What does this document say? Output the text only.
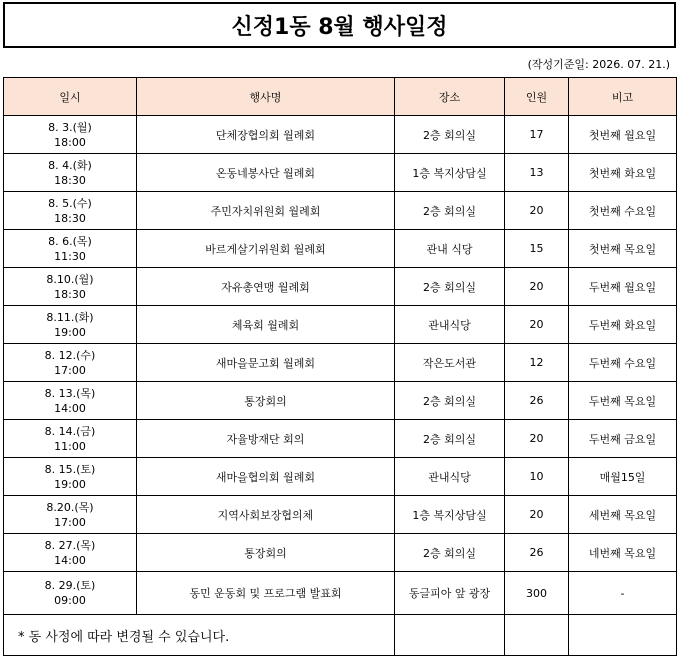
신정1동 8월 행사일정
(작성기준일: 2026. 07. 21.)
일시	행사명	장소	인원	비고

8. 3.(월)
18:00	단체장협의회 월례회	2층 회의실	17	첫번째 월요일

8. 4.(화)
18:30	온동네봉사단 월례회	1층 복지상담실	13	첫번째 화요일

8. 5.(수)
18:30	주민자치위원회 월례회	2층 회의실	20	첫번째 수요일

8. 6.(목)
11:30	바르게살기위원회 월례회	관내 식당	15	첫번째 목요일

8.10.(월)
18:30	자유총연맹 월례회	2층 회의실	20	두번째 월요일

8.11.(화)
19:00	체육회 월례회	관내식당	20	두번째 화요일

8. 12.(수)
17:00	새마을문고회 월례회	작은도서관	12	두번째 수요일

8. 13.(목)
14:00	통장회의	2층 회의실	26	두번째 목요일

8. 14.(금)
11:00	자율방재단 회의	2층 회의실	20	두번째 금요일

8. 15.(토)
19:00	새마을협의회 월례회	관내식당	10	매월15일

8.20.(목)
17:00	지역사회보장협의체	1층 복지상담실	20	세번째 목요일

8. 27.(목)
14:00	통장회의	2층 회의실	26	네번째 목요일

8. 29.(토)
09:00	동민 운동회 및 프로그램 발표회	동글피아 앞 광장	300	-
* 동 사정에 따라 변경될 수 있습니다.				
